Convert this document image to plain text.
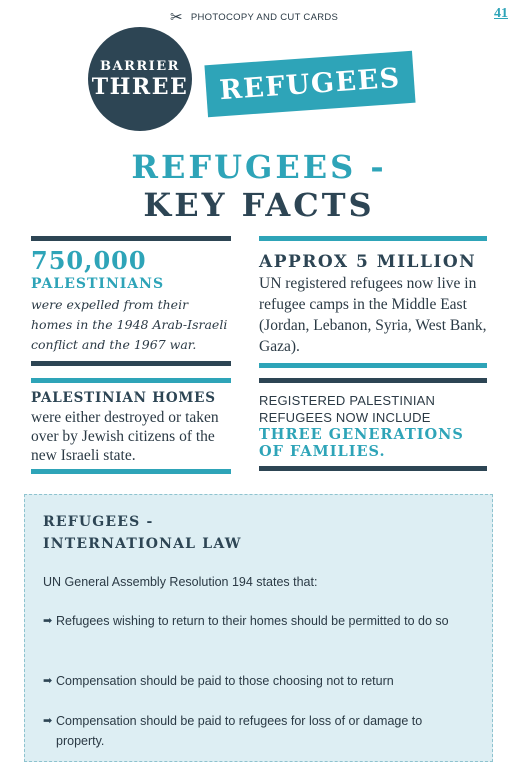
✂ PHOTOCOPY AND CUT CARDS	41
BARRIER
THREE	REFUGEES
REFUGEES -
KEY FACTS
750,000
PALESTINIANS
were expelled from their homes in the 1948 Arab-Israeli conflict and the 1967 war.
APPROX 5 MILLION
UN registered refugees now live in refugee camps in the Middle East (Jordan, Lebanon, Syria, West Bank, Gaza).
PALESTINIAN HOMES
were either destroyed or taken over by Jewish citizens of the new Israeli state.
REGISTERED PALESTINIAN REFUGEES NOW INCLUDE
THREE GENERATIONS OF FAMILIES.
REFUGEES -
INTERNATIONAL LAW
UN General Assembly Resolution 194 states that:
➡ Refugees wishing to return to their homes should be permitted to do so
➡ Compensation should be paid to those choosing not to return
➡ Compensation should be paid to refugees for loss of or damage to property.
